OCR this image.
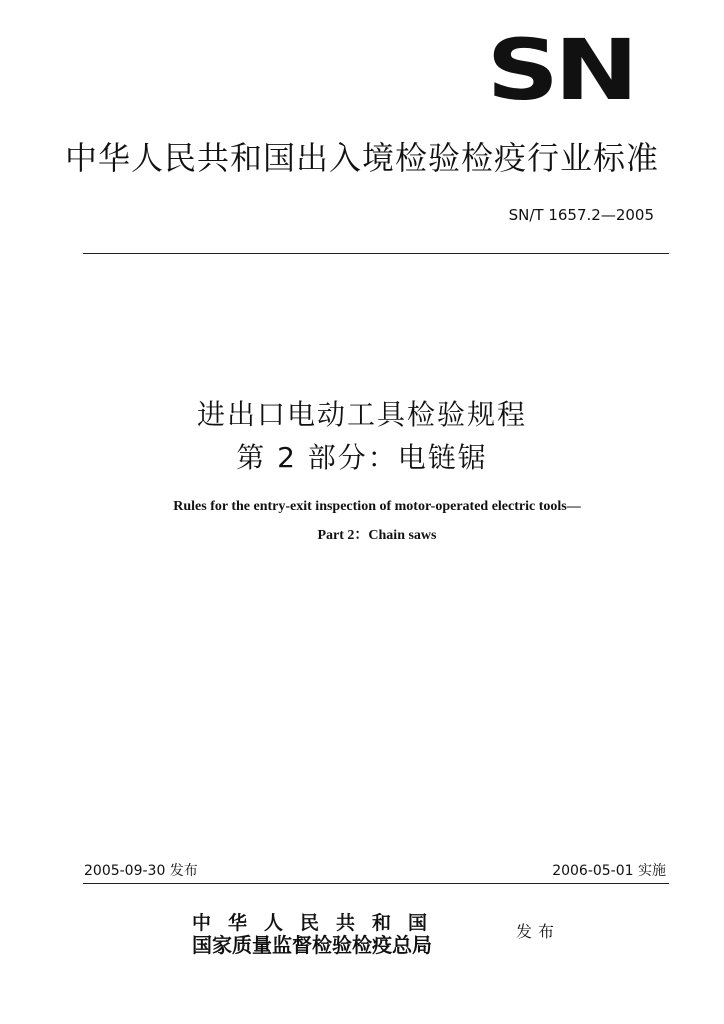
SN
中华人民共和国出入境检验检疫行业标准
SN/T 1657.2—2005
进出口电动工具检验规程
第 2 部分：电链锯
Rules for the entry-exit inspection of motor-operated electric tools—
Part 2：Chain saws
2005-09-30 发布	2006-05-01 实施
中华人民共和国
国家质量监督检验检疫总局
发布
